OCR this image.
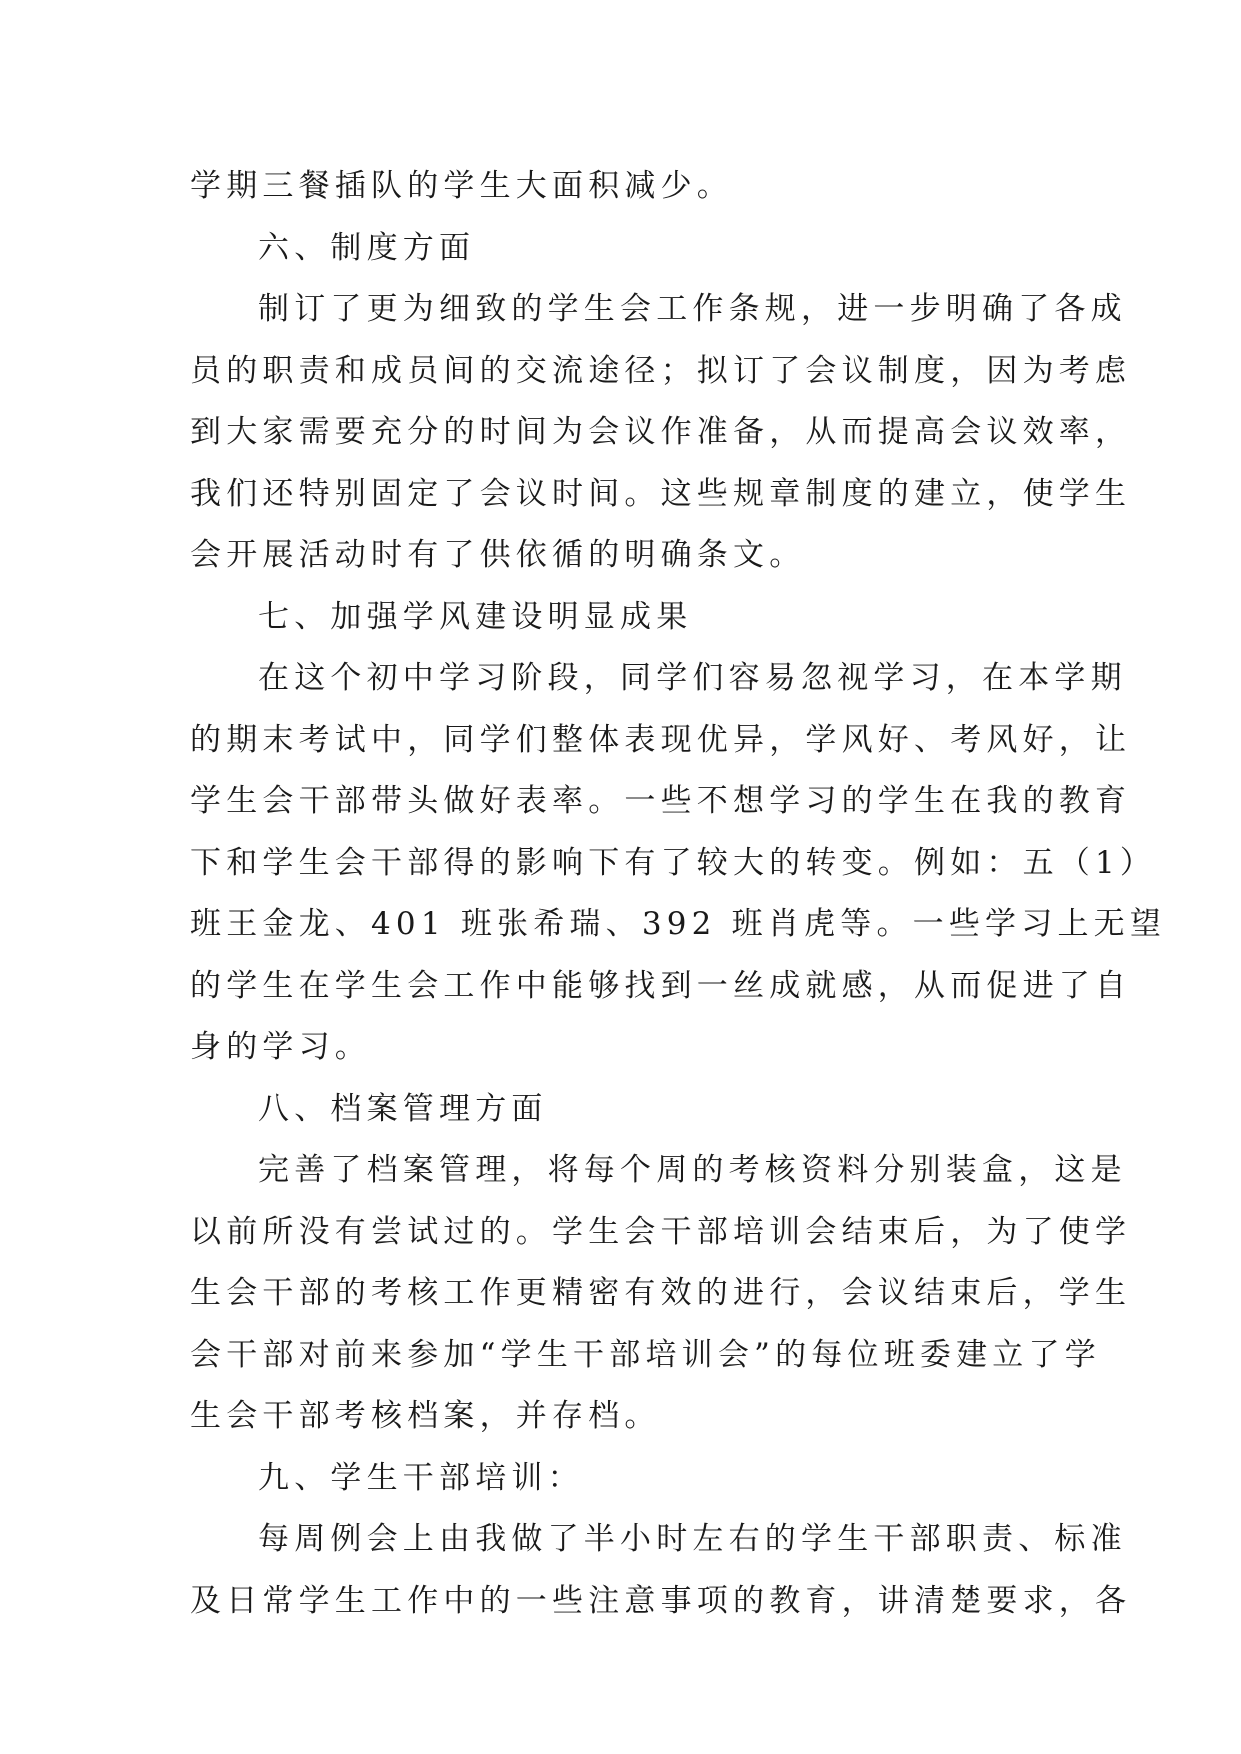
学期三餐插队的学生大面积减少。
六、制度方面
制订了更为细致的学生会工作条规，进一步明确了各成
员的职责和成员间的交流途径；拟订了会议制度，因为考虑
到大家需要充分的时间为会议作准备，从而提高会议效率，
我们还特别固定了会议时间。这些规章制度的建立，使学生
会开展活动时有了供依循的明确条文。
七、加强学风建设明显成果
在这个初中学习阶段，同学们容易忽视学习，在本学期
的期末考试中，同学们整体表现优异，学风好、考风好，让
学生会干部带头做好表率。一些不想学习的学生在我的教育
下和学生会干部得的影响下有了较大的转变。例如：五（1）
班王金龙、401 班张希瑞、392 班肖虎等。一些学习上无望
的学生在学生会工作中能够找到一丝成就感，从而促进了自
身的学习。
八、档案管理方面
完善了档案管理，将每个周的考核资料分别装盒，这是
以前所没有尝试过的。学生会干部培训会结束后，为了使学
生会干部的考核工作更精密有效的进行，会议结束后，学生
会干部对前来参加“学生干部培训会”的每位班委建立了学
生会干部考核档案，并存档。
九、学生干部培训：
每周例会上由我做了半小时左右的学生干部职责、标准
及日常学生工作中的一些注意事项的教育，讲清楚要求，各
